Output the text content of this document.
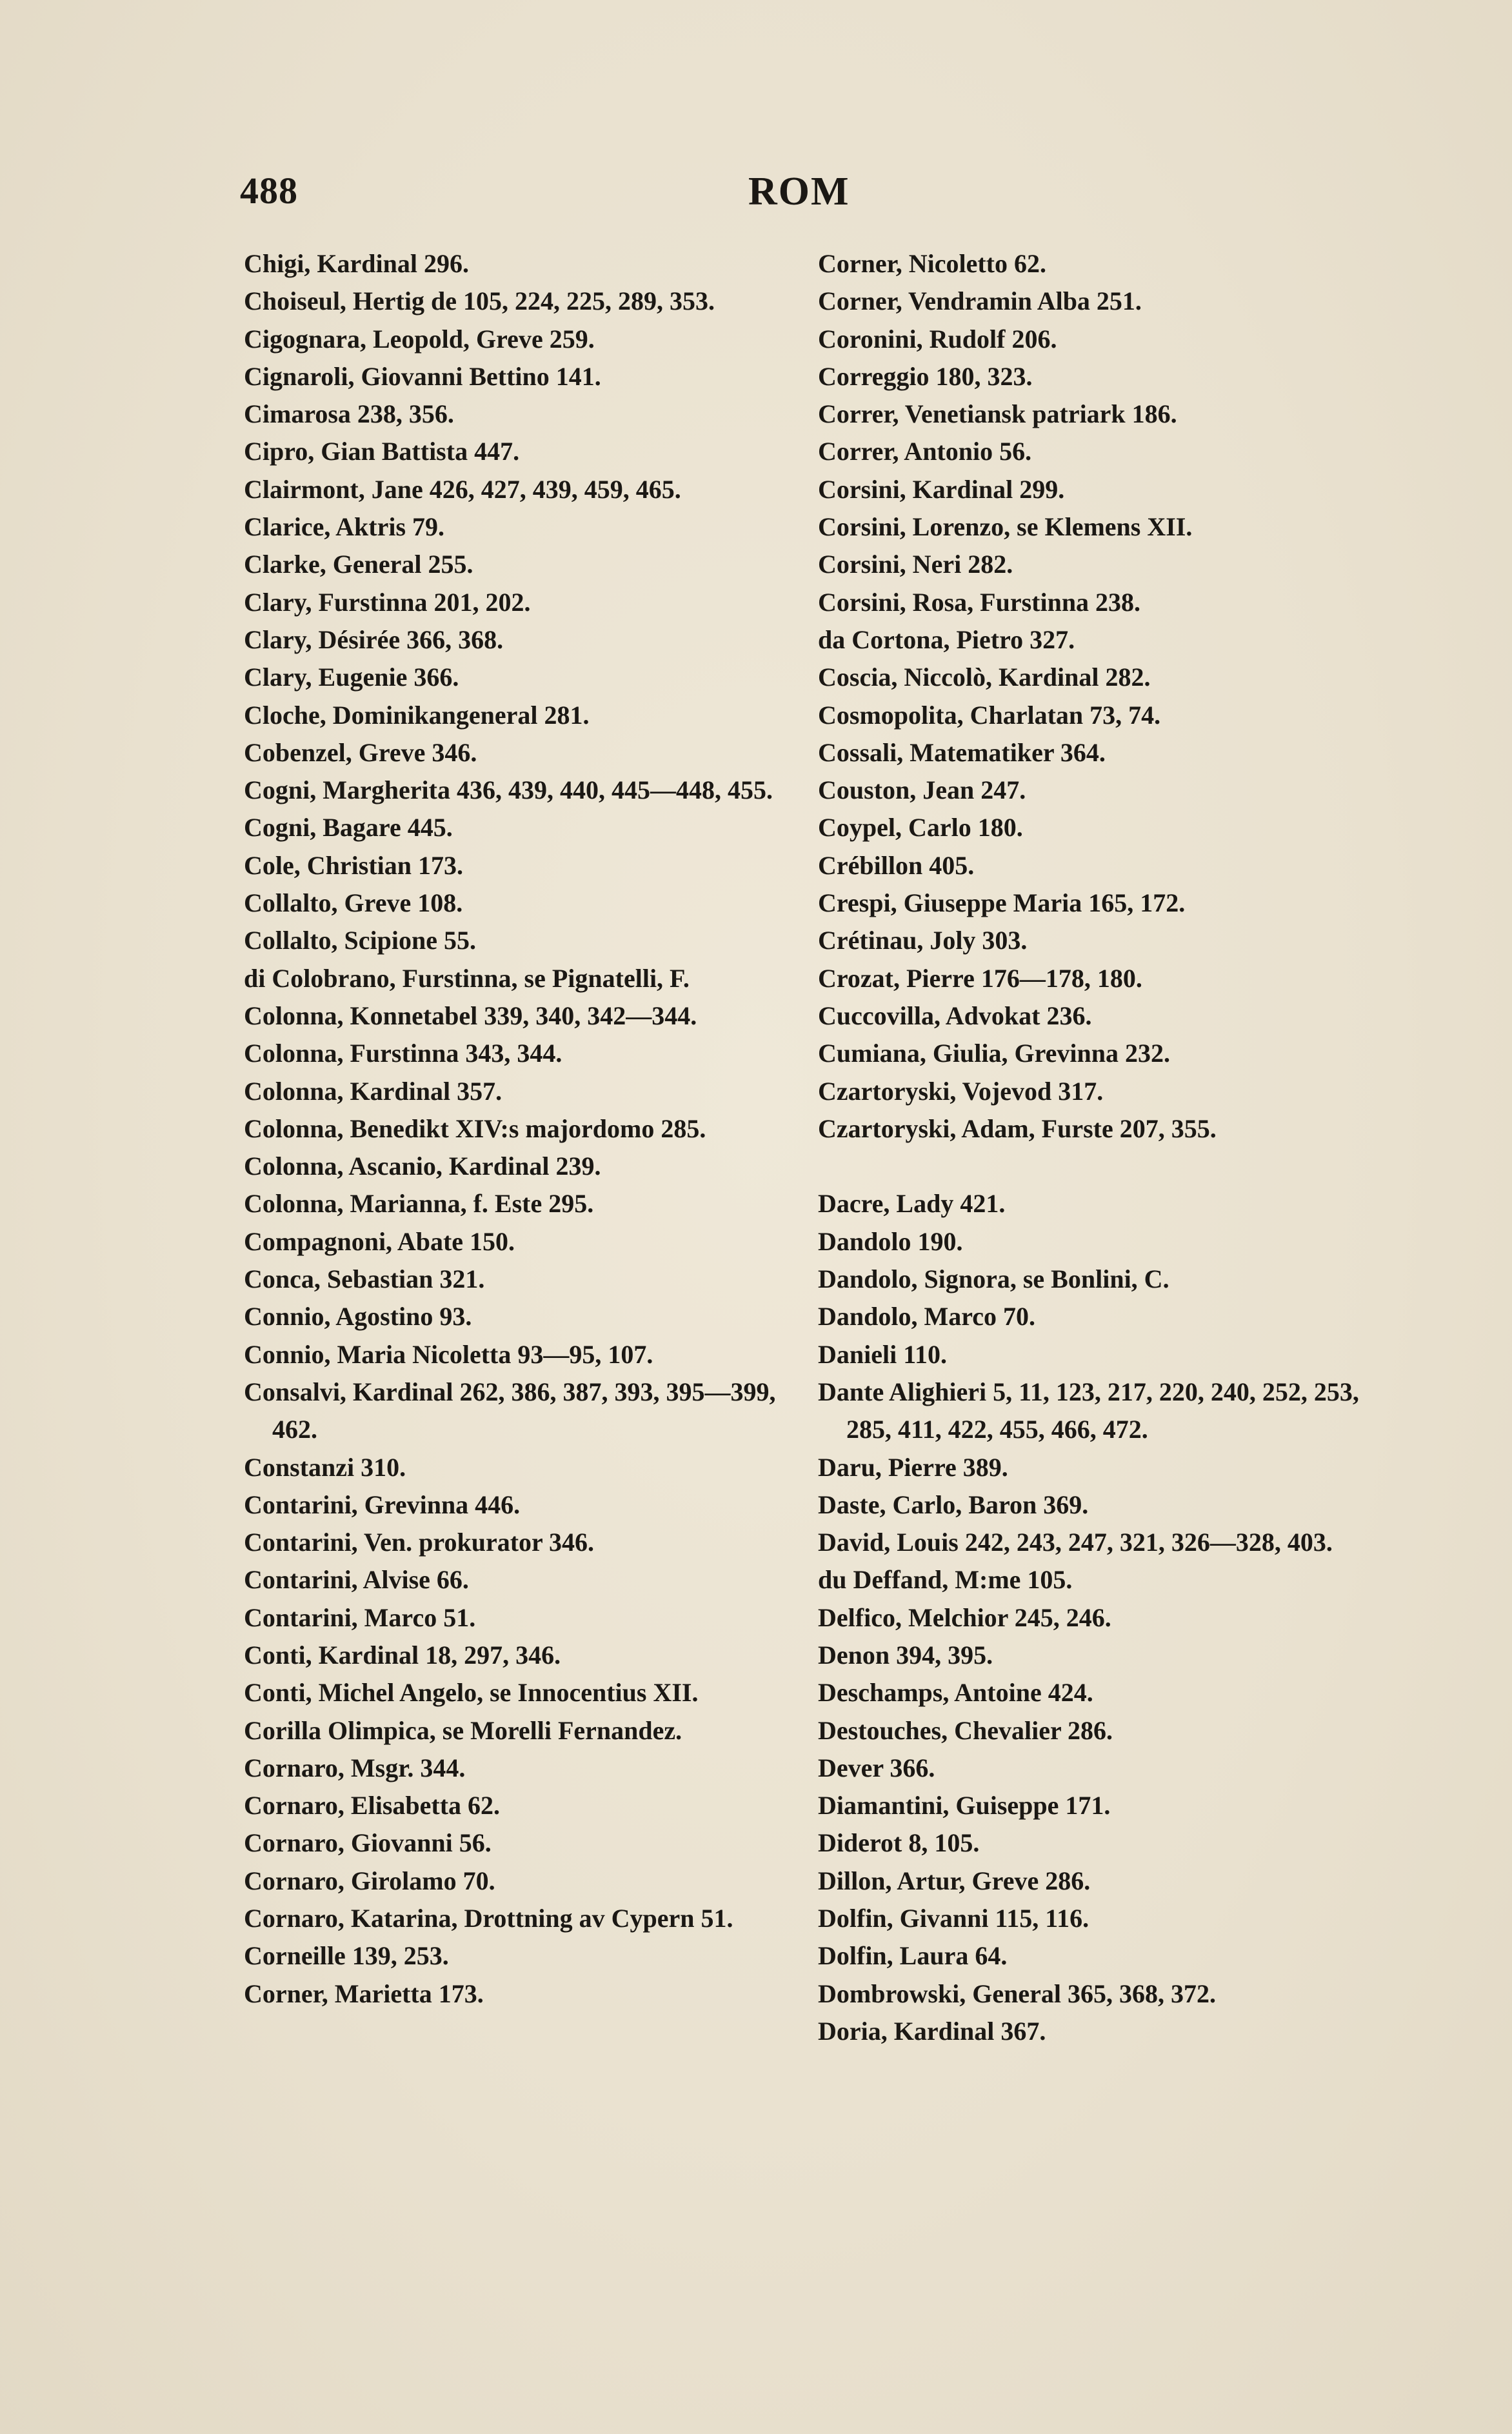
488	ROM
Chigi, Kardinal 296.
Choiseul, Hertig de 105, 224, 225, 289, 353.
Cigognara, Leopold, Greve 259.
Cignaroli, Giovanni Bettino 141.
Cimarosa 238, 356.
Cipro, Gian Battista 447.
Clairmont, Jane 426, 427, 439, 459, 465.
Clarice, Aktris 79.
Clarke, General 255.
Clary, Furstinna 201, 202.
Clary, Désirée 366, 368.
Clary, Eugenie 366.
Cloche, Dominikangeneral 281.
Cobenzel, Greve 346.
Cogni, Margherita 436, 439, 440, 445—448, 455.
Cogni, Bagare 445.
Cole, Christian 173.
Collalto, Greve 108.
Collalto, Scipione 55.
di Colobrano, Furstinna, se Pignatelli, F.
Colonna, Konnetabel 339, 340, 342—344.
Colonna, Furstinna 343, 344.
Colonna, Kardinal 357.
Colonna, Benedikt XIV:s majordomo 285.
Colonna, Ascanio, Kardinal 239.
Colonna, Marianna, f. Este 295.
Compagnoni, Abate 150.
Conca, Sebastian 321.
Connio, Agostino 93.
Connio, Maria Nicoletta 93—95, 107.
Consalvi, Kardinal 262, 386, 387, 393, 395—399, 462.
Constanzi 310.
Contarini, Grevinna 446.
Contarini, Ven. prokurator 346.
Contarini, Alvise 66.
Contarini, Marco 51.
Conti, Kardinal 18, 297, 346.
Conti, Michel Angelo, se Innocentius XII.
Corilla Olimpica, se Morelli Fernandez.
Cornaro, Msgr. 344.
Cornaro, Elisabetta 62.
Cornaro, Giovanni 56.
Cornaro, Girolamo 70.
Cornaro, Katarina, Drottning av Cypern 51.
Corneille 139, 253.
Corner, Marietta 173.
Corner, Nicoletto 62.
Corner, Vendramin Alba 251.
Coronini, Rudolf 206.
Correggio 180, 323.
Correr, Venetiansk patriark 186.
Correr, Antonio 56.
Corsini, Kardinal 299.
Corsini, Lorenzo, se Klemens XII.
Corsini, Neri 282.
Corsini, Rosa, Furstinna 238.
da Cortona, Pietro 327.
Coscia, Niccolò, Kardinal 282.
Cosmopolita, Charlatan 73, 74.
Cossali, Matematiker 364.
Couston, Jean 247.
Coypel, Carlo 180.
Crébillon 405.
Crespi, Giuseppe Maria 165, 172.
Crétinau, Joly 303.
Crozat, Pierre 176—178, 180.
Cuccovilla, Advokat 236.
Cumiana, Giulia, Grevinna 232.
Czartoryski, Vojevod 317.
Czartoryski, Adam, Furste 207, 355.
Dacre, Lady 421.
Dandolo 190.
Dandolo, Signora, se Bonlini, C.
Dandolo, Marco 70.
Danieli 110.
Dante Alighieri 5, 11, 123, 217, 220, 240, 252, 253, 285, 411, 422, 455, 466, 472.
Daru, Pierre 389.
Daste, Carlo, Baron 369.
David, Louis 242, 243, 247, 321, 326—328, 403.
du Deffand, M:me 105.
Delfico, Melchior 245, 246.
Denon 394, 395.
Deschamps, Antoine 424.
Destouches, Chevalier 286.
Dever 366.
Diamantini, Guiseppe 171.
Diderot 8, 105.
Dillon, Artur, Greve 286.
Dolfin, Givanni 115, 116.
Dolfin, Laura 64.
Dombrowski, General 365, 368, 372.
Doria, Kardinal 367.
